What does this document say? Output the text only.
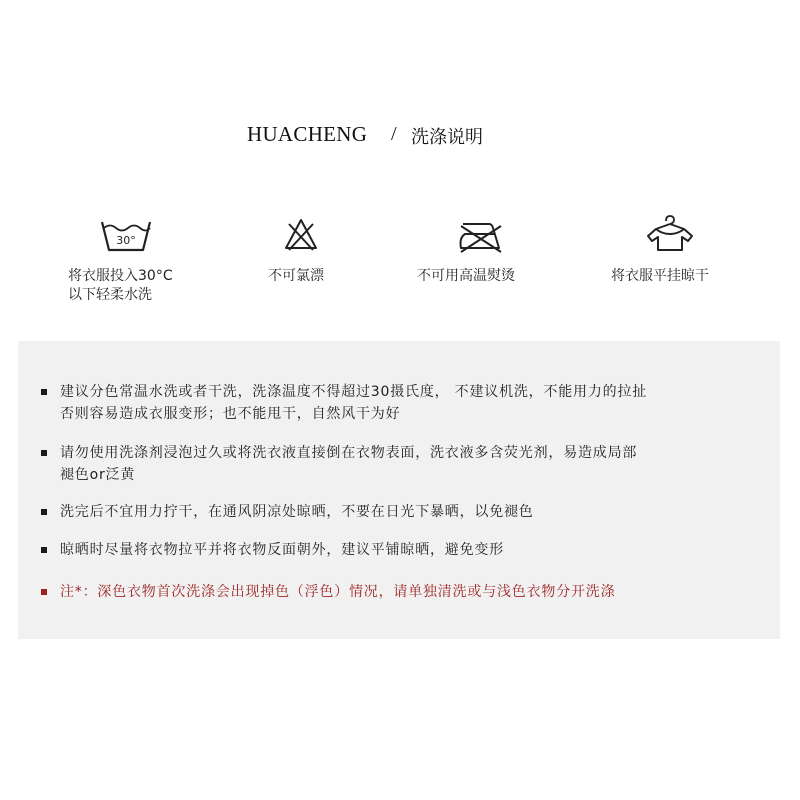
HUACHENG / 洗涤说明
30°
将衣服投入30°C
以下轻柔水洗
不可氯漂	不可用高温熨烫	将衣服平挂晾干
建议分色常温水洗或者干洗，洗涤温度不得超过30摄氏度， 不建议机洗，不能用力的拉扯
否则容易造成衣服变形；也不能甩干，自然风干为好
请勿使用洗涤剂浸泡过久或将洗衣液直接倒在衣物表面，洗衣液多含荧光剂，易造成局部
褪色or泛黄
洗完后不宜用力拧干，在通风阴凉处晾晒，不要在日光下暴晒，以免褪色
晾晒时尽量将衣物拉平并将衣物反面朝外，建议平铺晾晒，避免变形
注*：深色衣物首次洗涤会出现掉色（浮色）情况，请单独清洗或与浅色衣物分开洗涤
